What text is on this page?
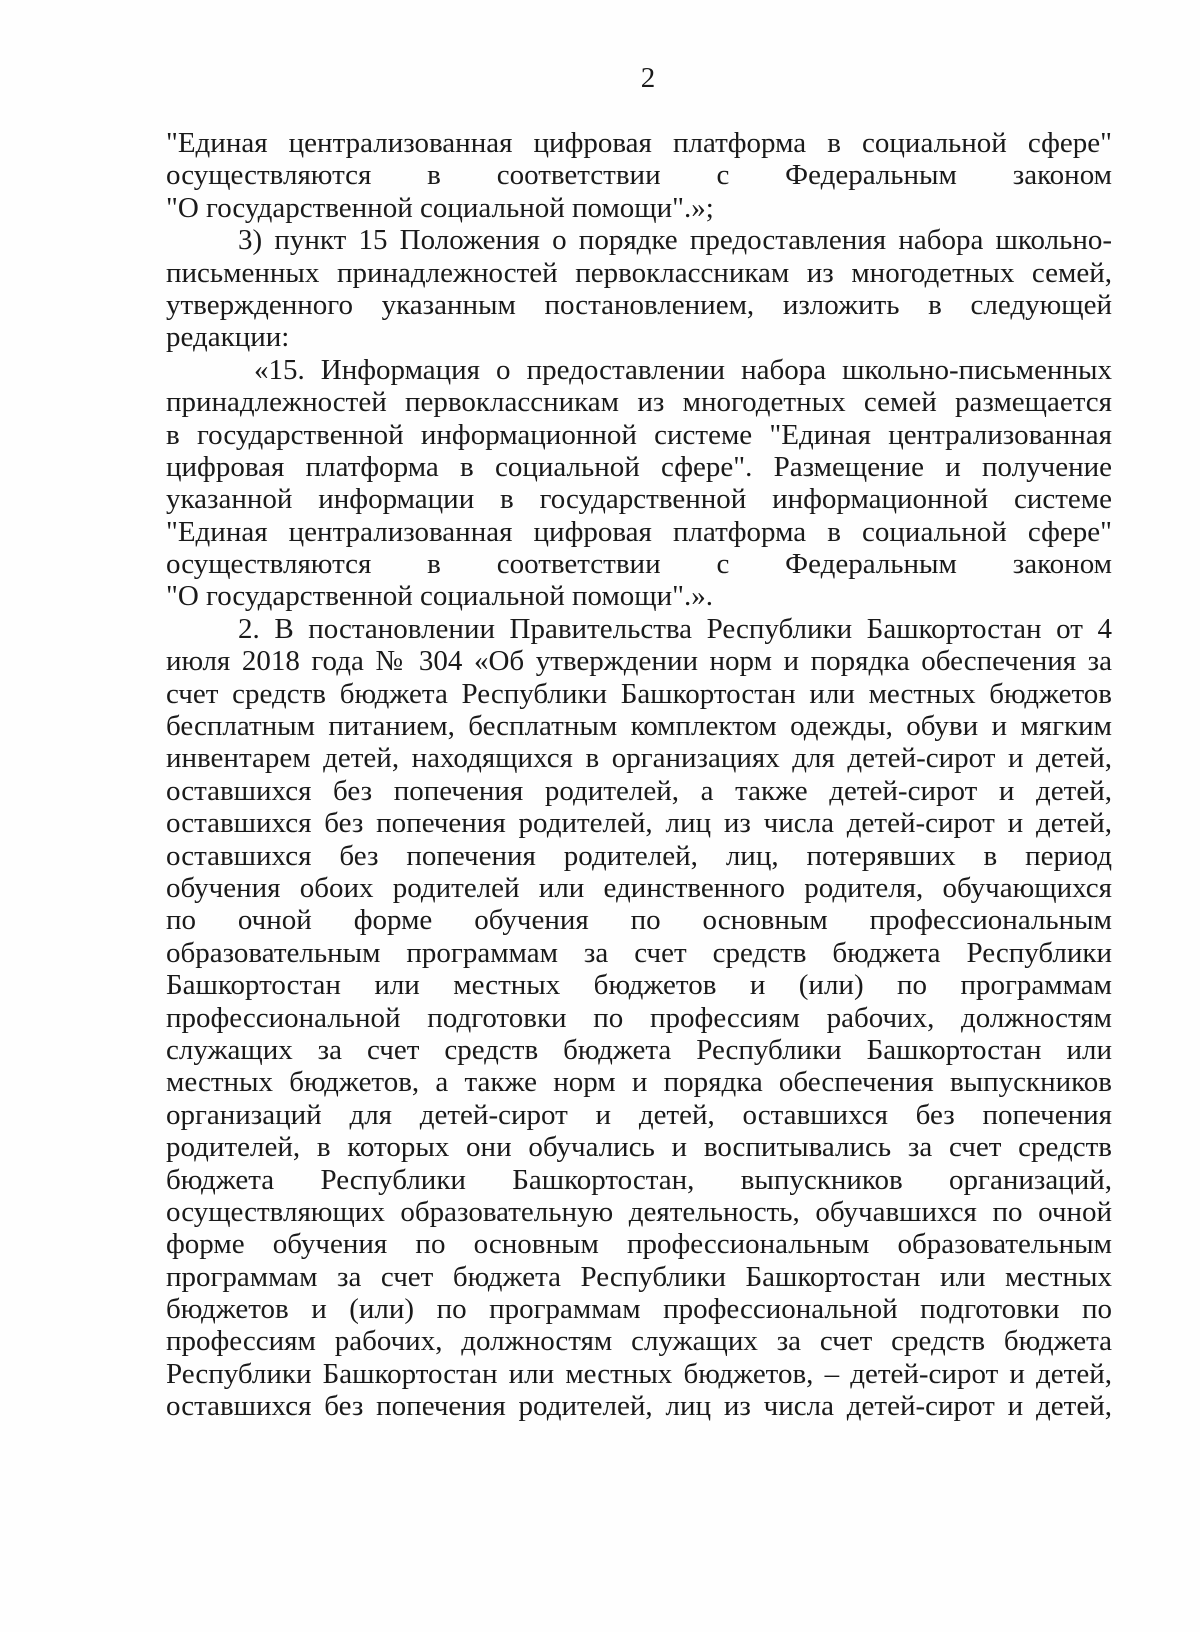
2
"Единая централизованная цифровая платформа в социальной сфере"
осуществляются в соответствии с Федеральным законом
"О государственной социальной помощи".»;
3) пункт 15 Положения о порядке предоставления набора школьно-
письменных принадлежностей первоклассникам из многодетных семей,
утвержденного указанным постановлением, изложить в следующей
редакции:
«15. Информация о предоставлении набора школьно-письменных
принадлежностей первоклассникам из многодетных семей размещается
в государственной информационной системе "Единая централизованная
цифровая платформа в социальной сфере". Размещение и получение
указанной информации в государственной информационной системе
"Единая централизованная цифровая платформа в социальной сфере"
осуществляются в соответствии с Федеральным законом
"О государственной социальной помощи".».
2. В постановлении Правительства Республики Башкортостан от 4
июля 2018 года № 304 «Об утверждении норм и порядка обеспечения за
счет средств бюджета Республики Башкортостан или местных бюджетов
бесплатным питанием, бесплатным комплектом одежды, обуви и мягким
инвентарем детей, находящихся в организациях для детей-сирот и детей,
оставшихся без попечения родителей, а также детей-сирот и детей,
оставшихся без попечения родителей, лиц из числа детей-сирот и детей,
оставшихся без попечения родителей, лиц, потерявших в период
обучения обоих родителей или единственного родителя, обучающихся
по очной форме обучения по основным профессиональным
образовательным программам за счет средств бюджета Республики
Башкортостан или местных бюджетов и (или) по программам
профессиональной подготовки по профессиям рабочих, должностям
служащих за счет средств бюджета Республики Башкортостан или
местных бюджетов, а также норм и порядка обеспечения выпускников
организаций для детей-сирот и детей, оставшихся без попечения
родителей, в которых они обучались и воспитывались за счет средств
бюджета Республики Башкортостан, выпускников организаций,
осуществляющих образовательную деятельность, обучавшихся по очной
форме обучения по основным профессиональным образовательным
программам за счет бюджета Республики Башкортостан или местных
бюджетов и (или) по программам профессиональной подготовки по
профессиям рабочих, должностям служащих за счет средств бюджета
Республики Башкортостан или местных бюджетов, – детей-сирот и детей,
оставшихся без попечения родителей, лиц из числа детей-сирот и детей,
